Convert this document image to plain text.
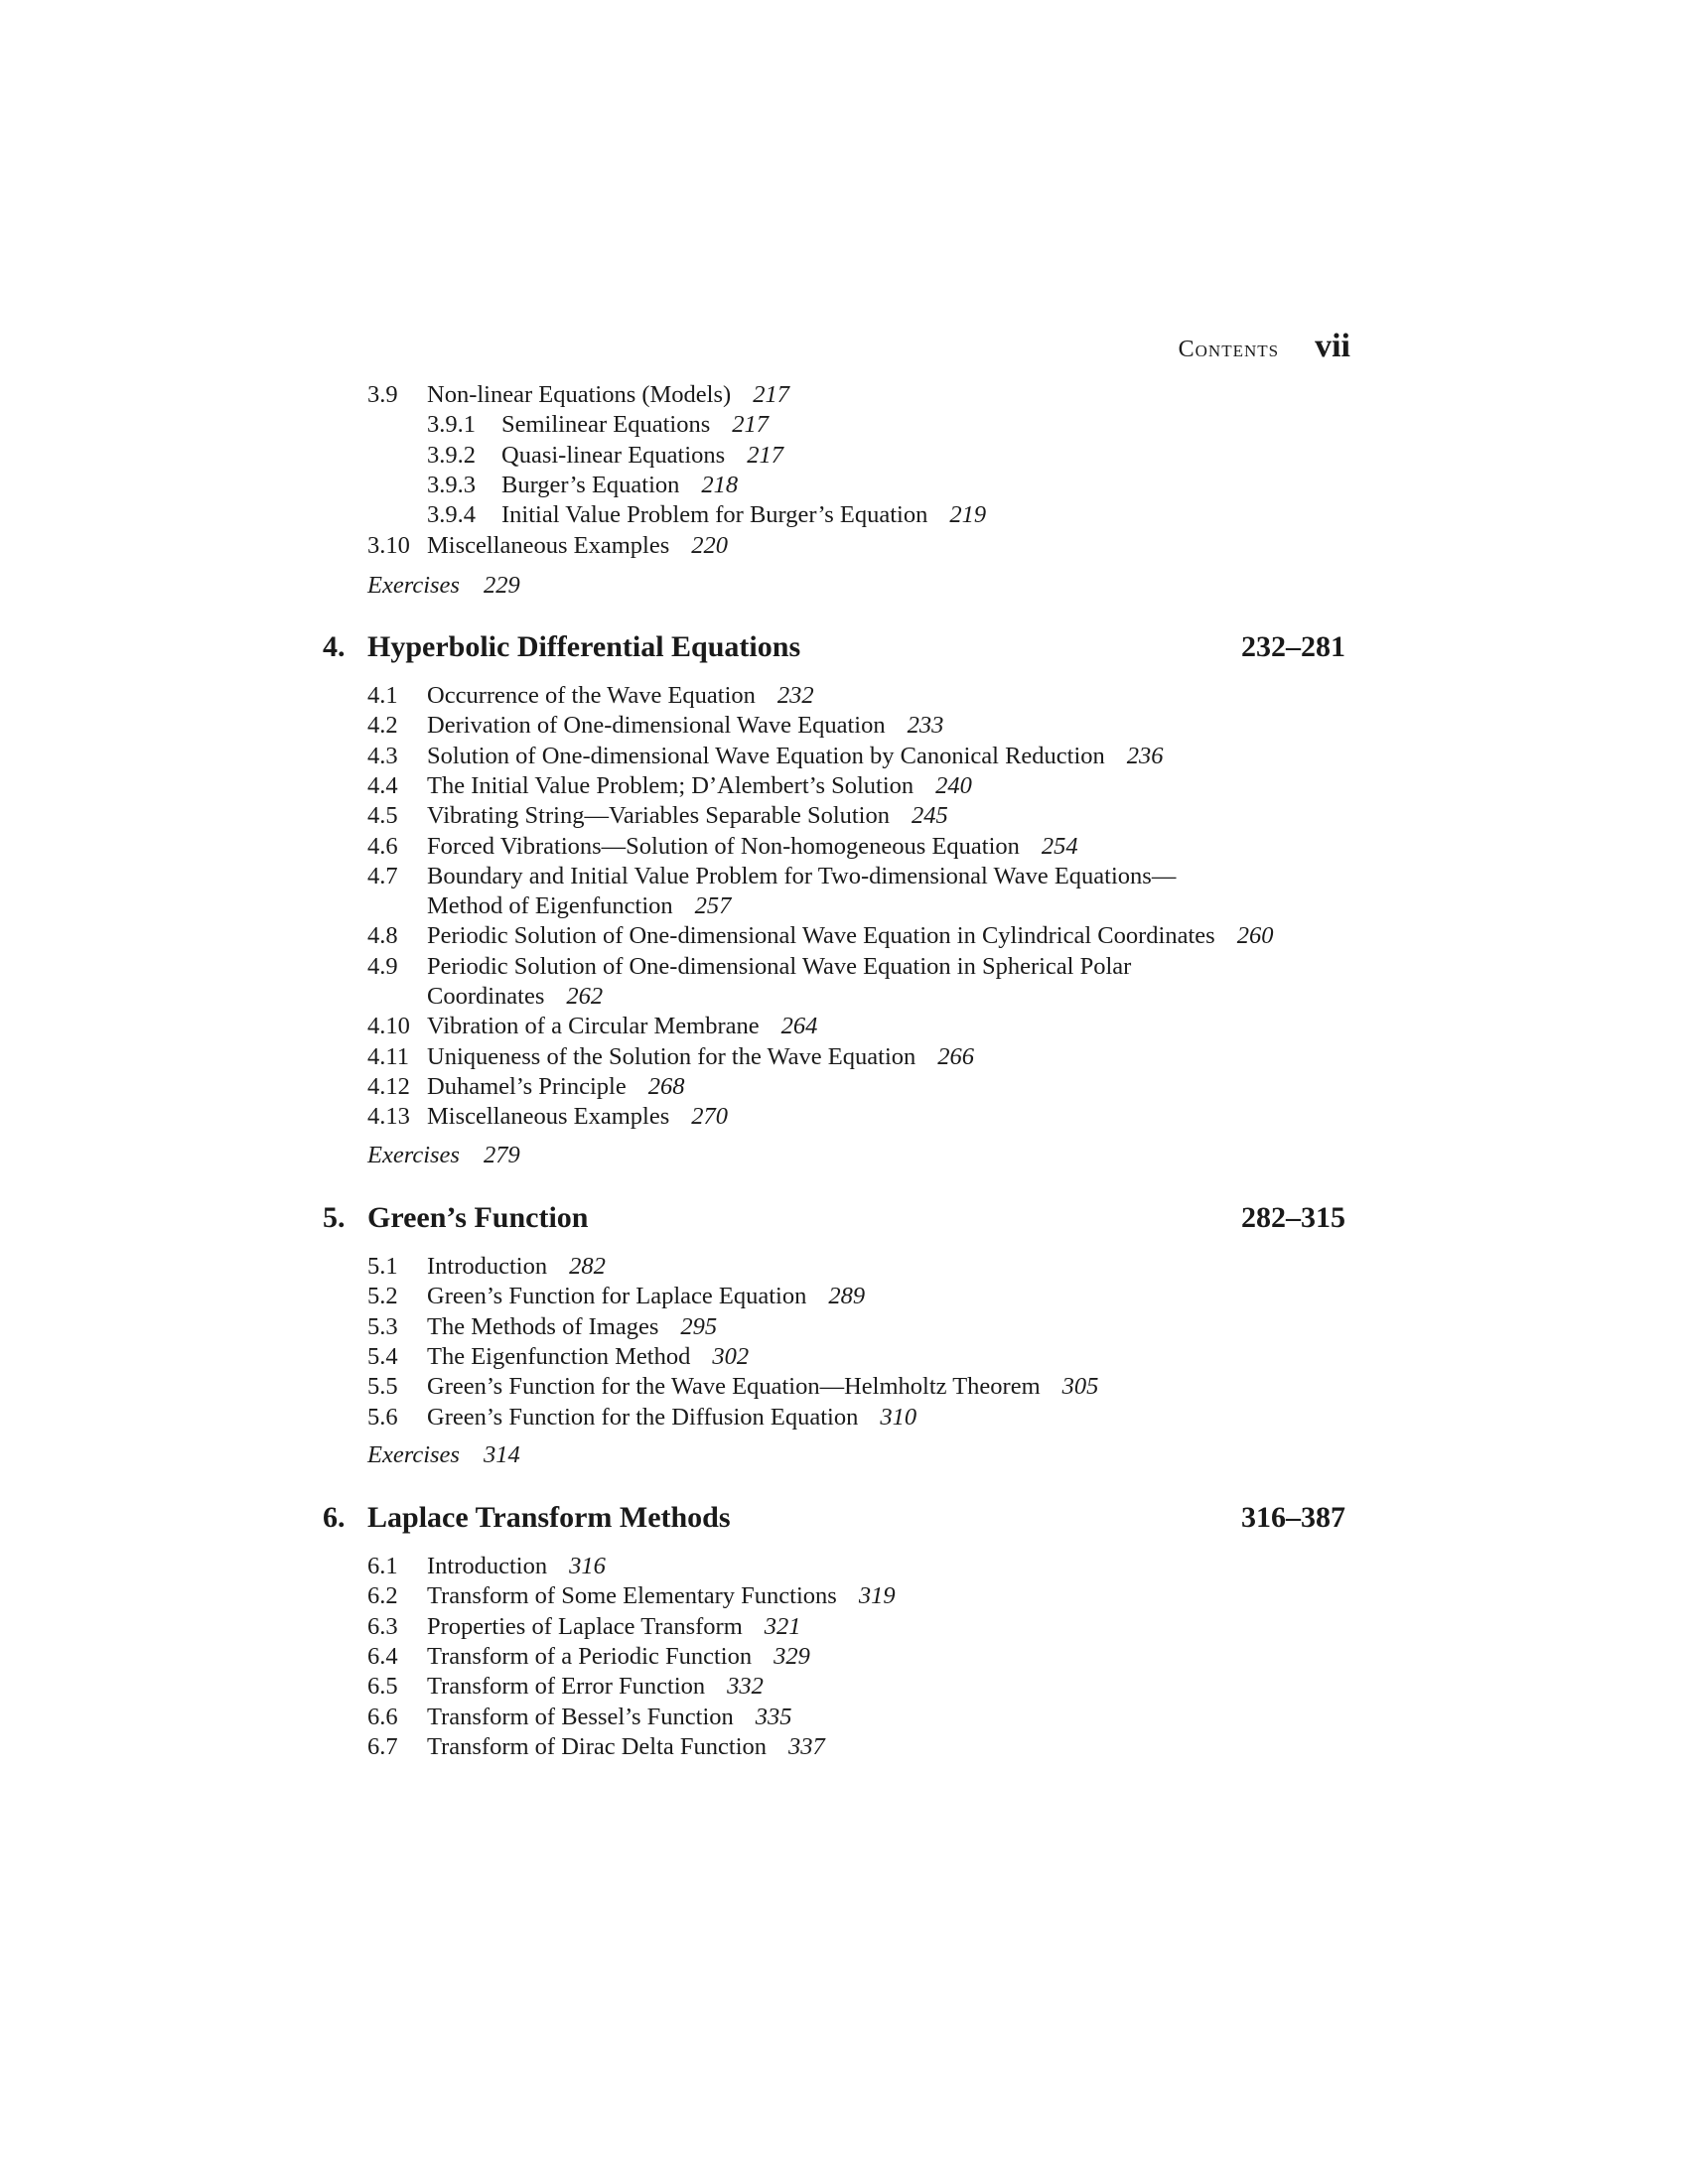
Contents vii
3.9 Non-linear Equations (Models) 217
3.9.1 Semilinear Equations 217
3.9.2 Quasi-linear Equations 217
3.9.3 Burger’s Equation 218
3.9.4 Initial Value Problem for Burger’s Equation 219
3.10 Miscellaneous Examples 220
Exercises 229
4. Hyperbolic Differential Equations	232–281
4.1 Occurrence of the Wave Equation 232
4.2 Derivation of One-dimensional Wave Equation 233
4.3 Solution of One-dimensional Wave Equation by Canonical Reduction 236
4.4 The Initial Value Problem; D’Alembert’s Solution 240
4.5 Vibrating String—Variables Separable Solution 245
4.6 Forced Vibrations—Solution of Non-homogeneous Equation 254
4.7 Boundary and Initial Value Problem for Two-dimensional Wave Equations—
Method of Eigenfunction 257
4.8 Periodic Solution of One-dimensional Wave Equation in Cylindrical Coordinates 260
4.9 Periodic Solution of One-dimensional Wave Equation in Spherical Polar
Coordinates 262
4.10 Vibration of a Circular Membrane 264
4.11 Uniqueness of the Solution for the Wave Equation 266
4.12 Duhamel’s Principle 268
4.13 Miscellaneous Examples 270
Exercises 279
5. Green’s Function	282–315
5.1 Introduction 282
5.2 Green’s Function for Laplace Equation 289
5.3 The Methods of Images 295
5.4 The Eigenfunction Method 302
5.5 Green’s Function for the Wave Equation—Helmholtz Theorem 305
5.6 Green’s Function for the Diffusion Equation 310
Exercises 314
6. Laplace Transform Methods	316–387
6.1 Introduction 316
6.2 Transform of Some Elementary Functions 319
6.3 Properties of Laplace Transform 321
6.4 Transform of a Periodic Function 329
6.5 Transform of Error Function 332
6.6 Transform of Bessel’s Function 335
6.7 Transform of Dirac Delta Function 337
